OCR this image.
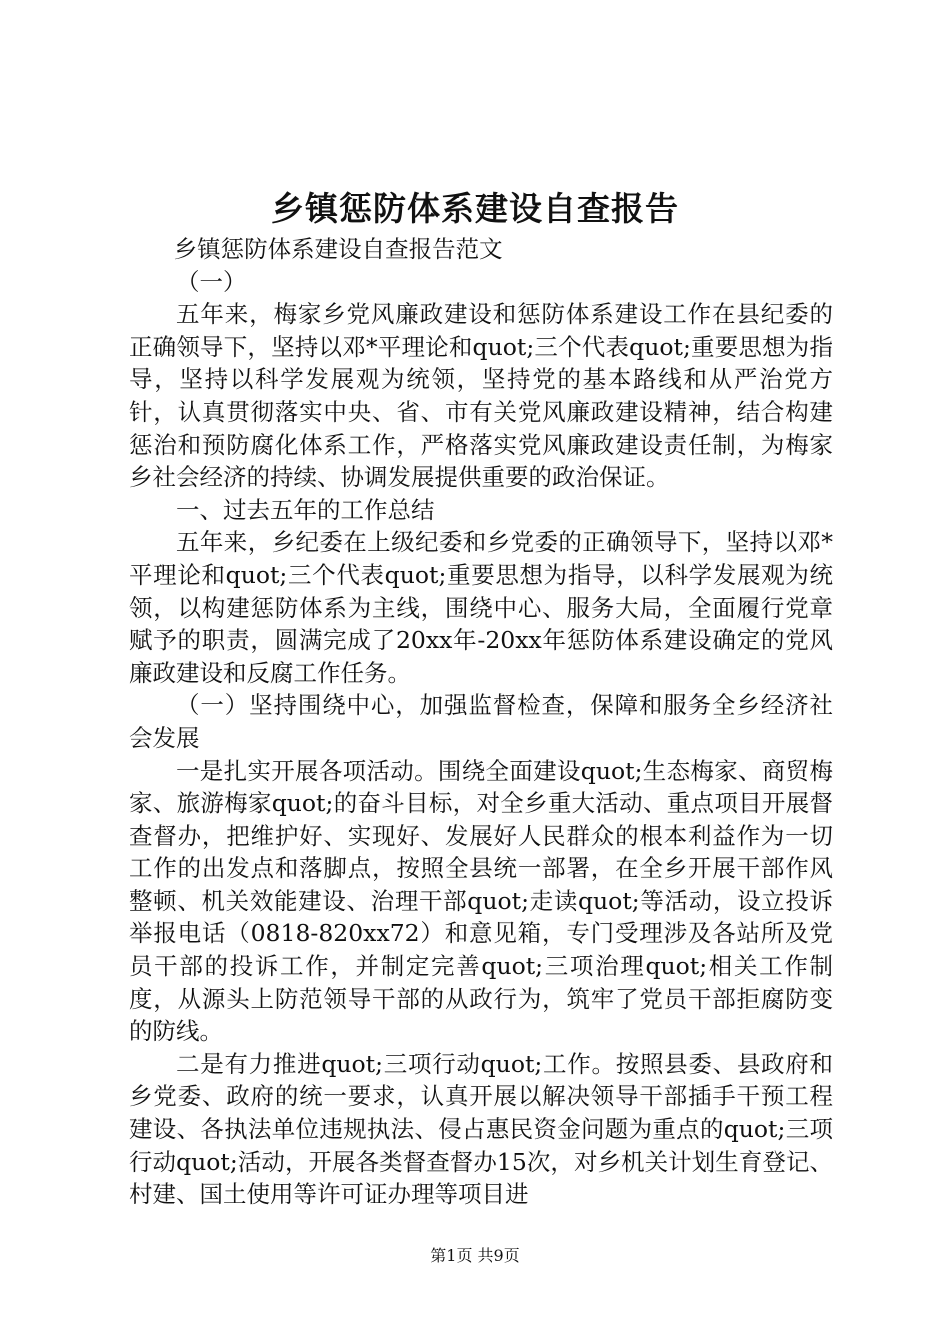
乡镇惩防体系建设自查报告

乡镇惩防体系建设自查报告范文

（一）

五年来，梅家乡党风廉政建设和惩防体系建设工作在县纪委的正确领导下，坚持以邓*平理论和quot;三个代表quot;重要思想为指导，坚持以科学发展观为统领，坚持党的基本路线和从严治党方针，认真贯彻落实中央、省、市有关党风廉政建设精神，结合构建惩治和预防腐化体系工作，严格落实党风廉政建设责任制，为梅家乡社会经济的持续、协调发展提供重要的政治保证。

一、过去五年的工作总结

五年来，乡纪委在上级纪委和乡党委的正确领导下，坚持以邓*平理论和quot;三个代表quot;重要思想为指导，以科学发展观为统领，以构建惩防体系为主线，围绕中心、服务大局，全面履行党章赋予的职责，圆满完成了20xx年-20xx年惩防体系建设确定的党风廉政建设和反腐工作任务。

（一）坚持围绕中心，加强监督检查，保障和服务全乡经济社会发展

一是扎实开展各项活动。围绕全面建设quot;生态梅家、商贸梅家、旅游梅家quot;的奋斗目标，对全乡重大活动、重点项目开展督查督办，把维护好、实现好、发展好人民群众的根本利益作为一切工作的出发点和落脚点，按照全县统一部署，在全乡开展干部作风整顿、机关效能建设、治理干部quot;走读quot;等活动，设立投诉举报电话（0818-820xx72）和意见箱，专门受理涉及各站所及党员干部的投诉工作，并制定完善quot;三项治理quot;相关工作制度，从源头上防范领导干部的从政行为，筑牢了党员干部拒腐防变的防线。

二是有力推进quot;三项行动quot;工作。按照县委、县政府和乡党委、政府的统一要求，认真开展以解决领导干部插手干预工程建设、各执法单位违规执法、侵占惠民资金问题为重点的quot;三项行动quot;活动，开展各类督查督办15次，对乡机关计划生育登记、村建、国土使用等许可证办理等项目进

第1页 共9页
